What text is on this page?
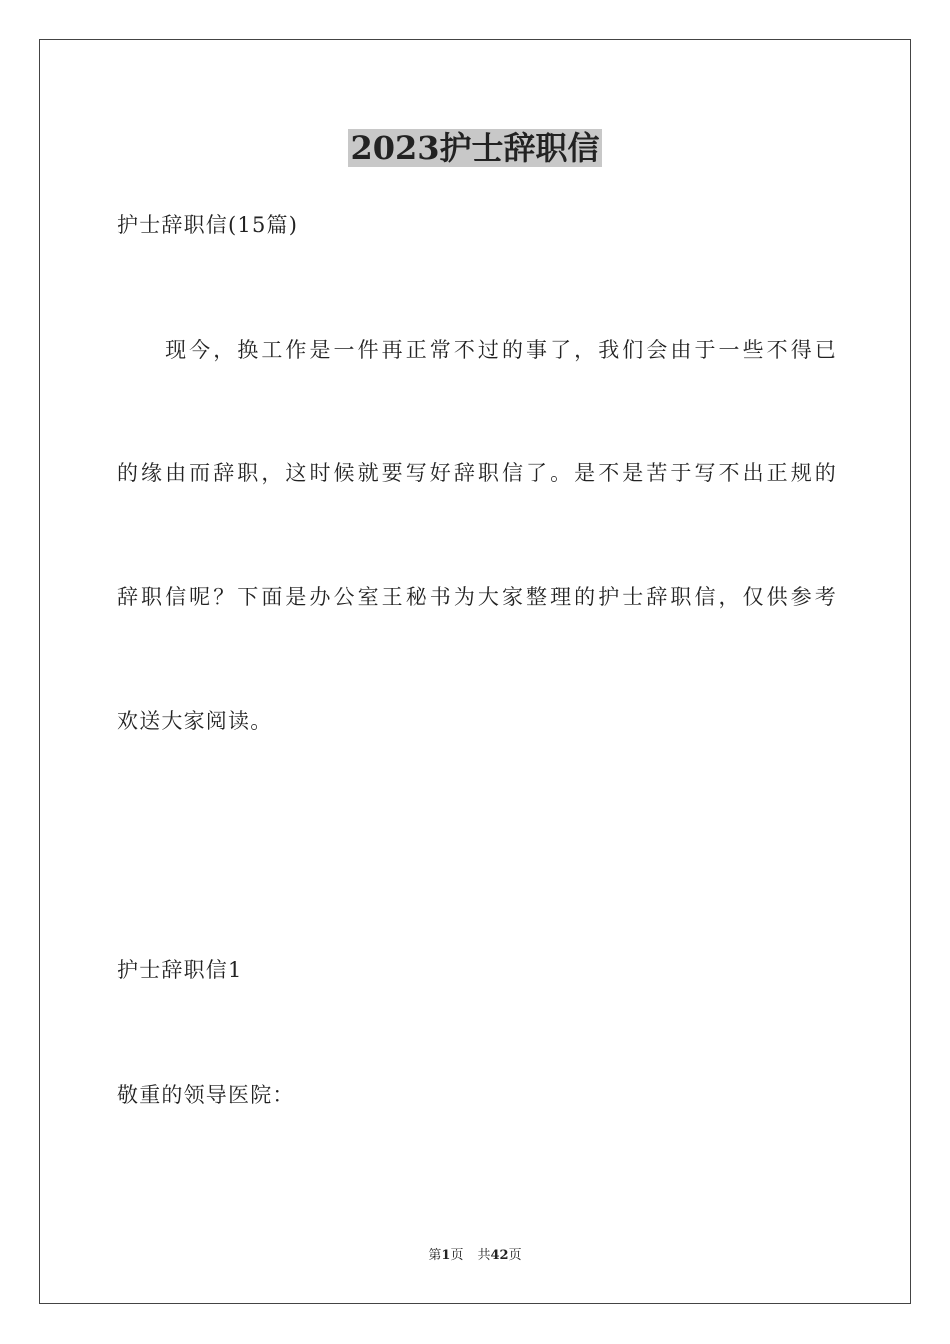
2023护士辞职信
护士辞职信(15篇)
　　现今，换工作是一件再正常不过的事了，我们会由于一些不得已
的缘由而辞职，这时候就要写好辞职信了。是不是苦于写不出正规的
辞职信呢？下面是办公室王秘书为大家整理的护士辞职信，仅供参考
欢送大家阅读。
护士辞职信1
敬重的领导医院：
第1页 共42页
